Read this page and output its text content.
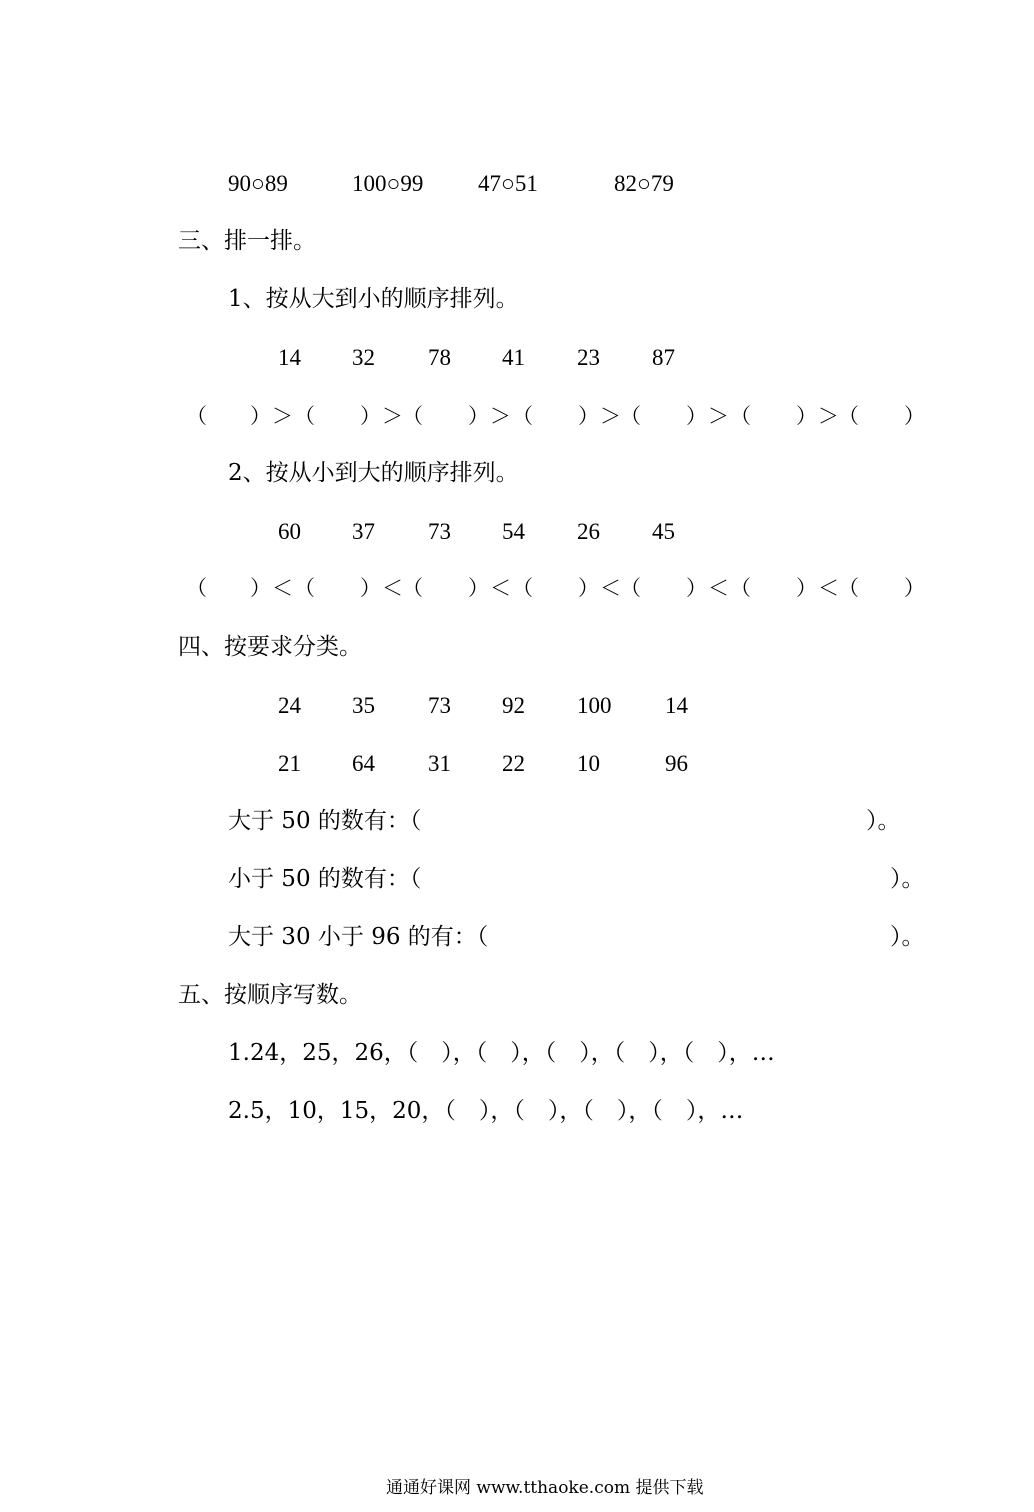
90○89	100○99 47○51	82○79
三、排一排。
1、按从大到小的顺序排列。
14 32 78 41 23 87
（ ） ＞ （ ） ＞ （ ） ＞ （ ） ＞ （ ） ＞ （ ） ＞ （ ）
2、按从小到大的顺序排列。
60 37 73 54 26 45
（ ） ＜ （ ） ＜ （ ） ＜ （ ） ＜ （ ） ＜ （ ） ＜ （ ）
四、按要求分类。
24 35 73 92 100 14
21 64 31 22 10	96
大于 50 的数有：（	）。
小于 50 的数有：（	）。
大于 30 小于 96 的有：（	）。
五、按顺序写数。
1.24，25，26，（　），（　），（　），（　），（　），…
2.5，10，15，20，（　），（　），（　），（　），…
通通好课网 www.tthaoke.com 提供下载
